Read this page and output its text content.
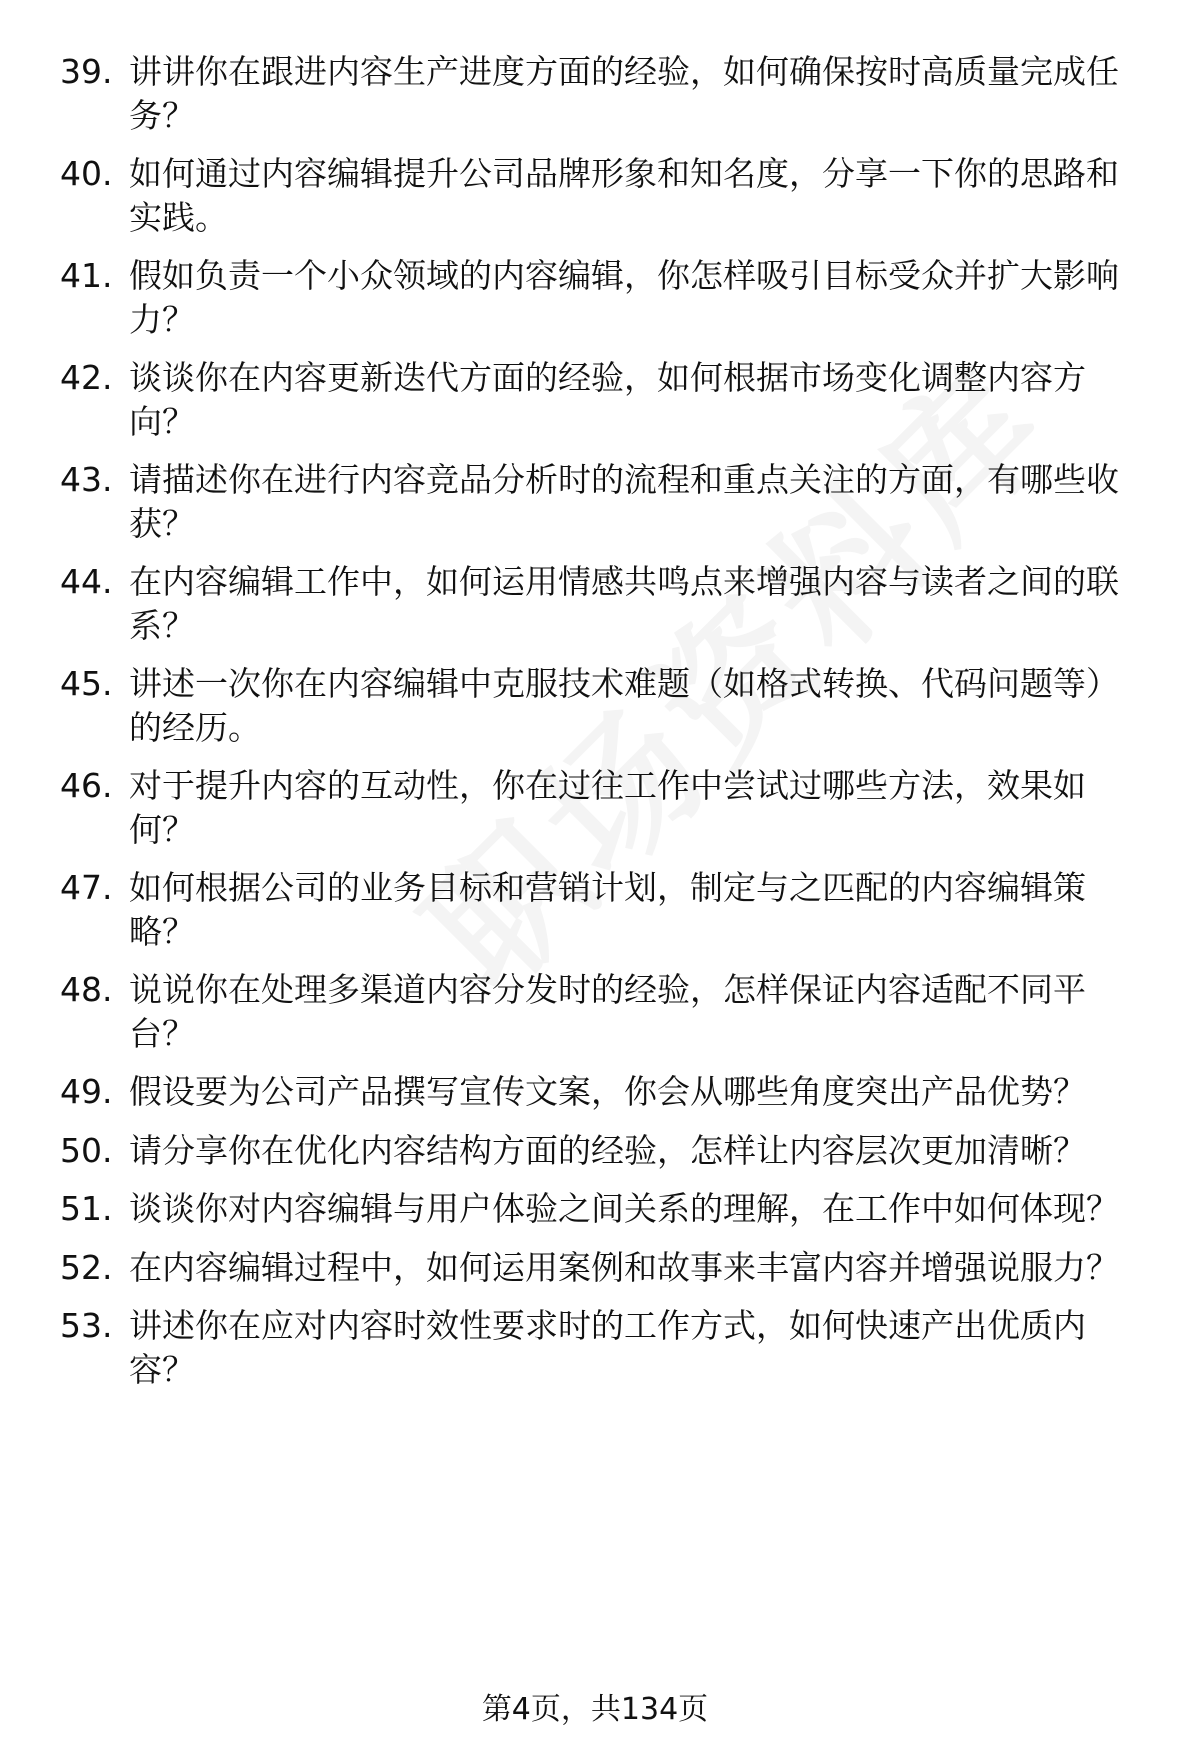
39. 讲讲你在跟进内容生产进度方面的经验，如何确保按时高质量完成任务？
40. 如何通过内容编辑提升公司品牌形象和知名度，分享一下你的思路和实践。
41. 假如负责一个小众领域的内容编辑，你怎样吸引目标受众并扩大影响力？
42. 谈谈你在内容更新迭代方面的经验，如何根据市场变化调整内容方向？
43. 请描述你在进行内容竞品分析时的流程和重点关注的方面，有哪些收获？
44. 在内容编辑工作中，如何运用情感共鸣点来增强内容与读者之间的联系？
45. 讲述一次你在内容编辑中克服技术难题（如格式转换、代码问题等）的经历。
46. 对于提升内容的互动性，你在过往工作中尝试过哪些方法，效果如何？
47. 如何根据公司的业务目标和营销计划，制定与之匹配的内容编辑策略？
48. 说说你在处理多渠道内容分发时的经验，怎样保证内容适配不同平台？
49. 假设要为公司产品撰写宣传文案，你会从哪些角度突出产品优势？
50. 请分享你在优化内容结构方面的经验，怎样让内容层次更加清晰？
51. 谈谈你对内容编辑与用户体验之间关系的理解，在工作中如何体现？
52. 在内容编辑过程中，如何运用案例和故事来丰富内容并增强说服力？
53. 讲述你在应对内容时效性要求时的工作方式，如何快速产出优质内容？
第4页，共134页
